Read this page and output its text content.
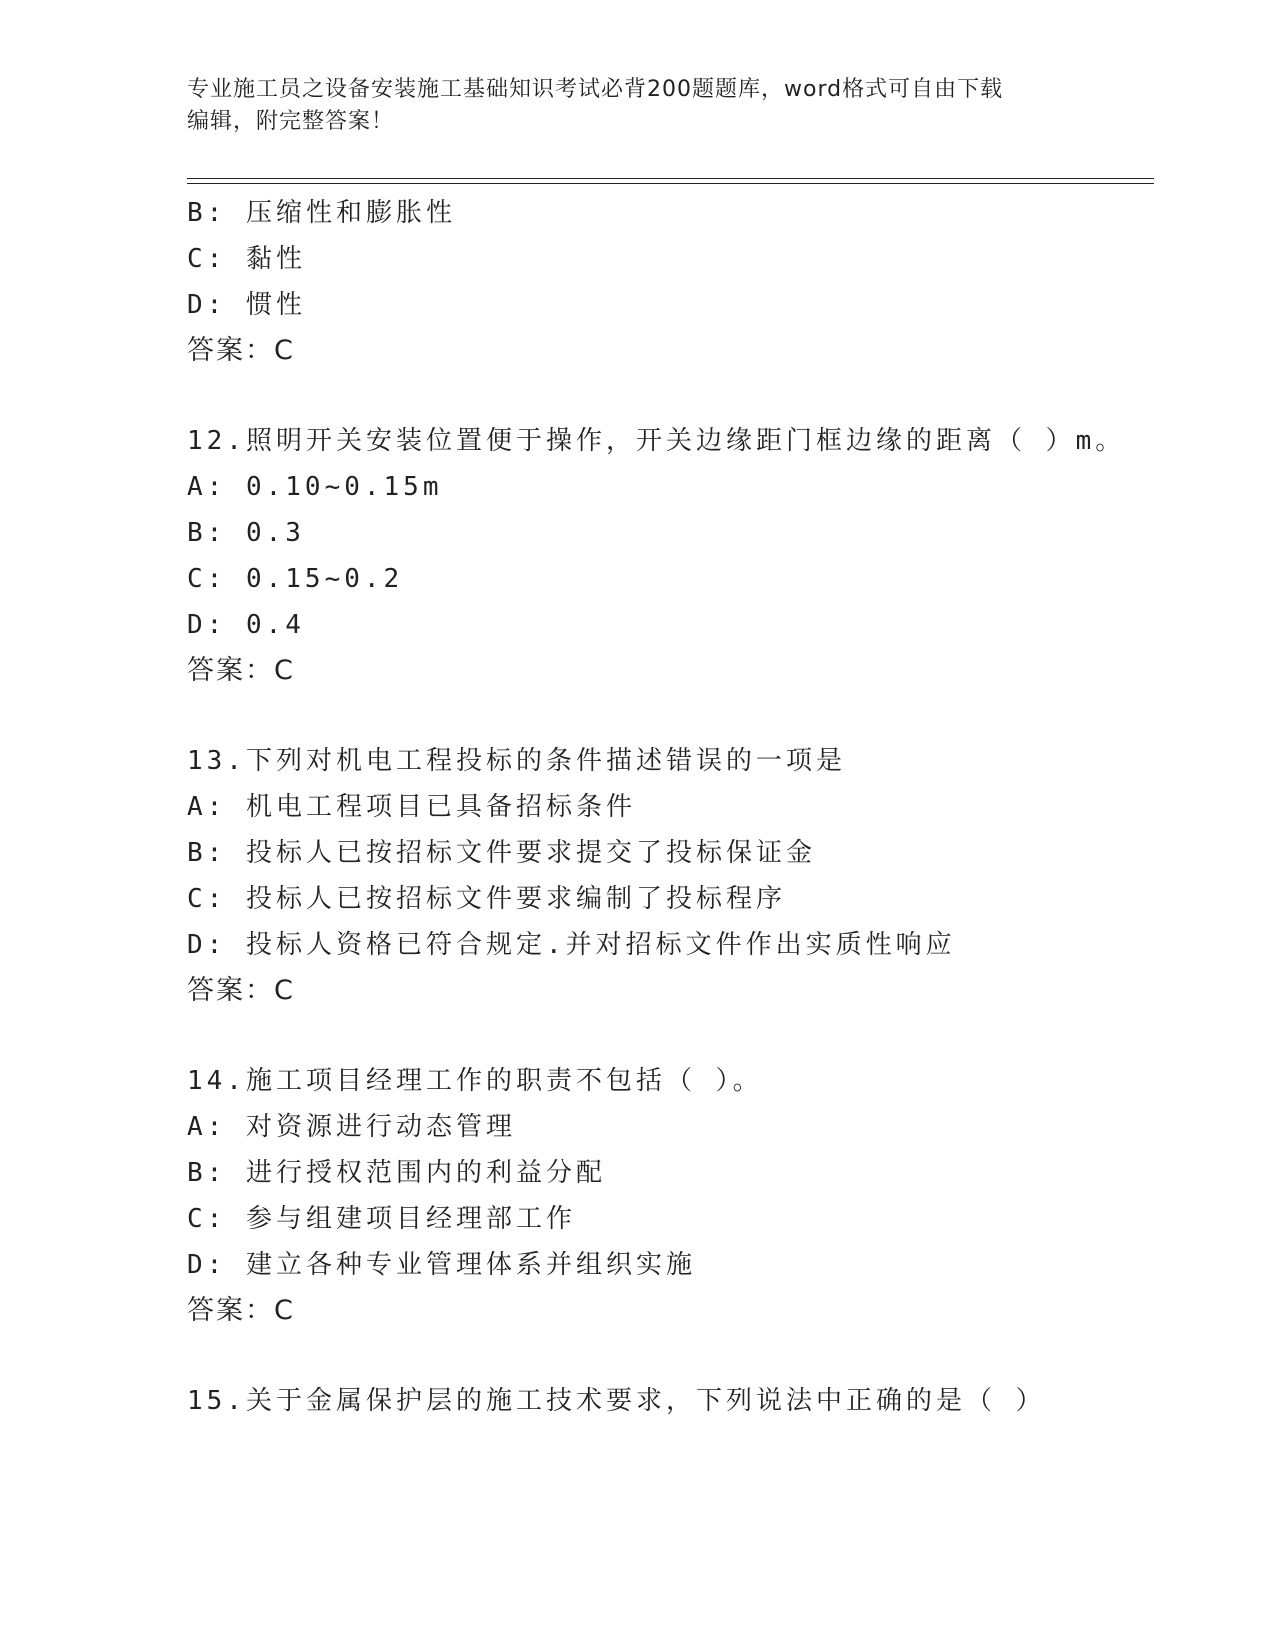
专业施工员之设备安装施工基础知识考试必背200题题库，word格式可自由下载
编辑，附完整答案！
B: 压缩性和膨胀性
C: 黏性
D: 惯性
答案：C
12.照明开关安装位置便于操作，开关边缘距门框边缘的距离（ ）m。
A: 0.10~0.15m
B: 0.3
C: 0.15~0.2
D: 0.4
答案：C
13.下列对机电工程投标的条件描述错误的一项是
A: 机电工程项目已具备招标条件
B: 投标人已按招标文件要求提交了投标保证金
C: 投标人已按招标文件要求编制了投标程序
D: 投标人资格已符合规定.并对招标文件作出实质性响应
答案：C
14.施工项目经理工作的职责不包括（ ）。
A: 对资源进行动态管理
B: 进行授权范围内的利益分配
C: 参与组建项目经理部工作
D: 建立各种专业管理体系并组织实施
答案：C
15.关于金属保护层的施工技术要求，下列说法中正确的是（ ）
